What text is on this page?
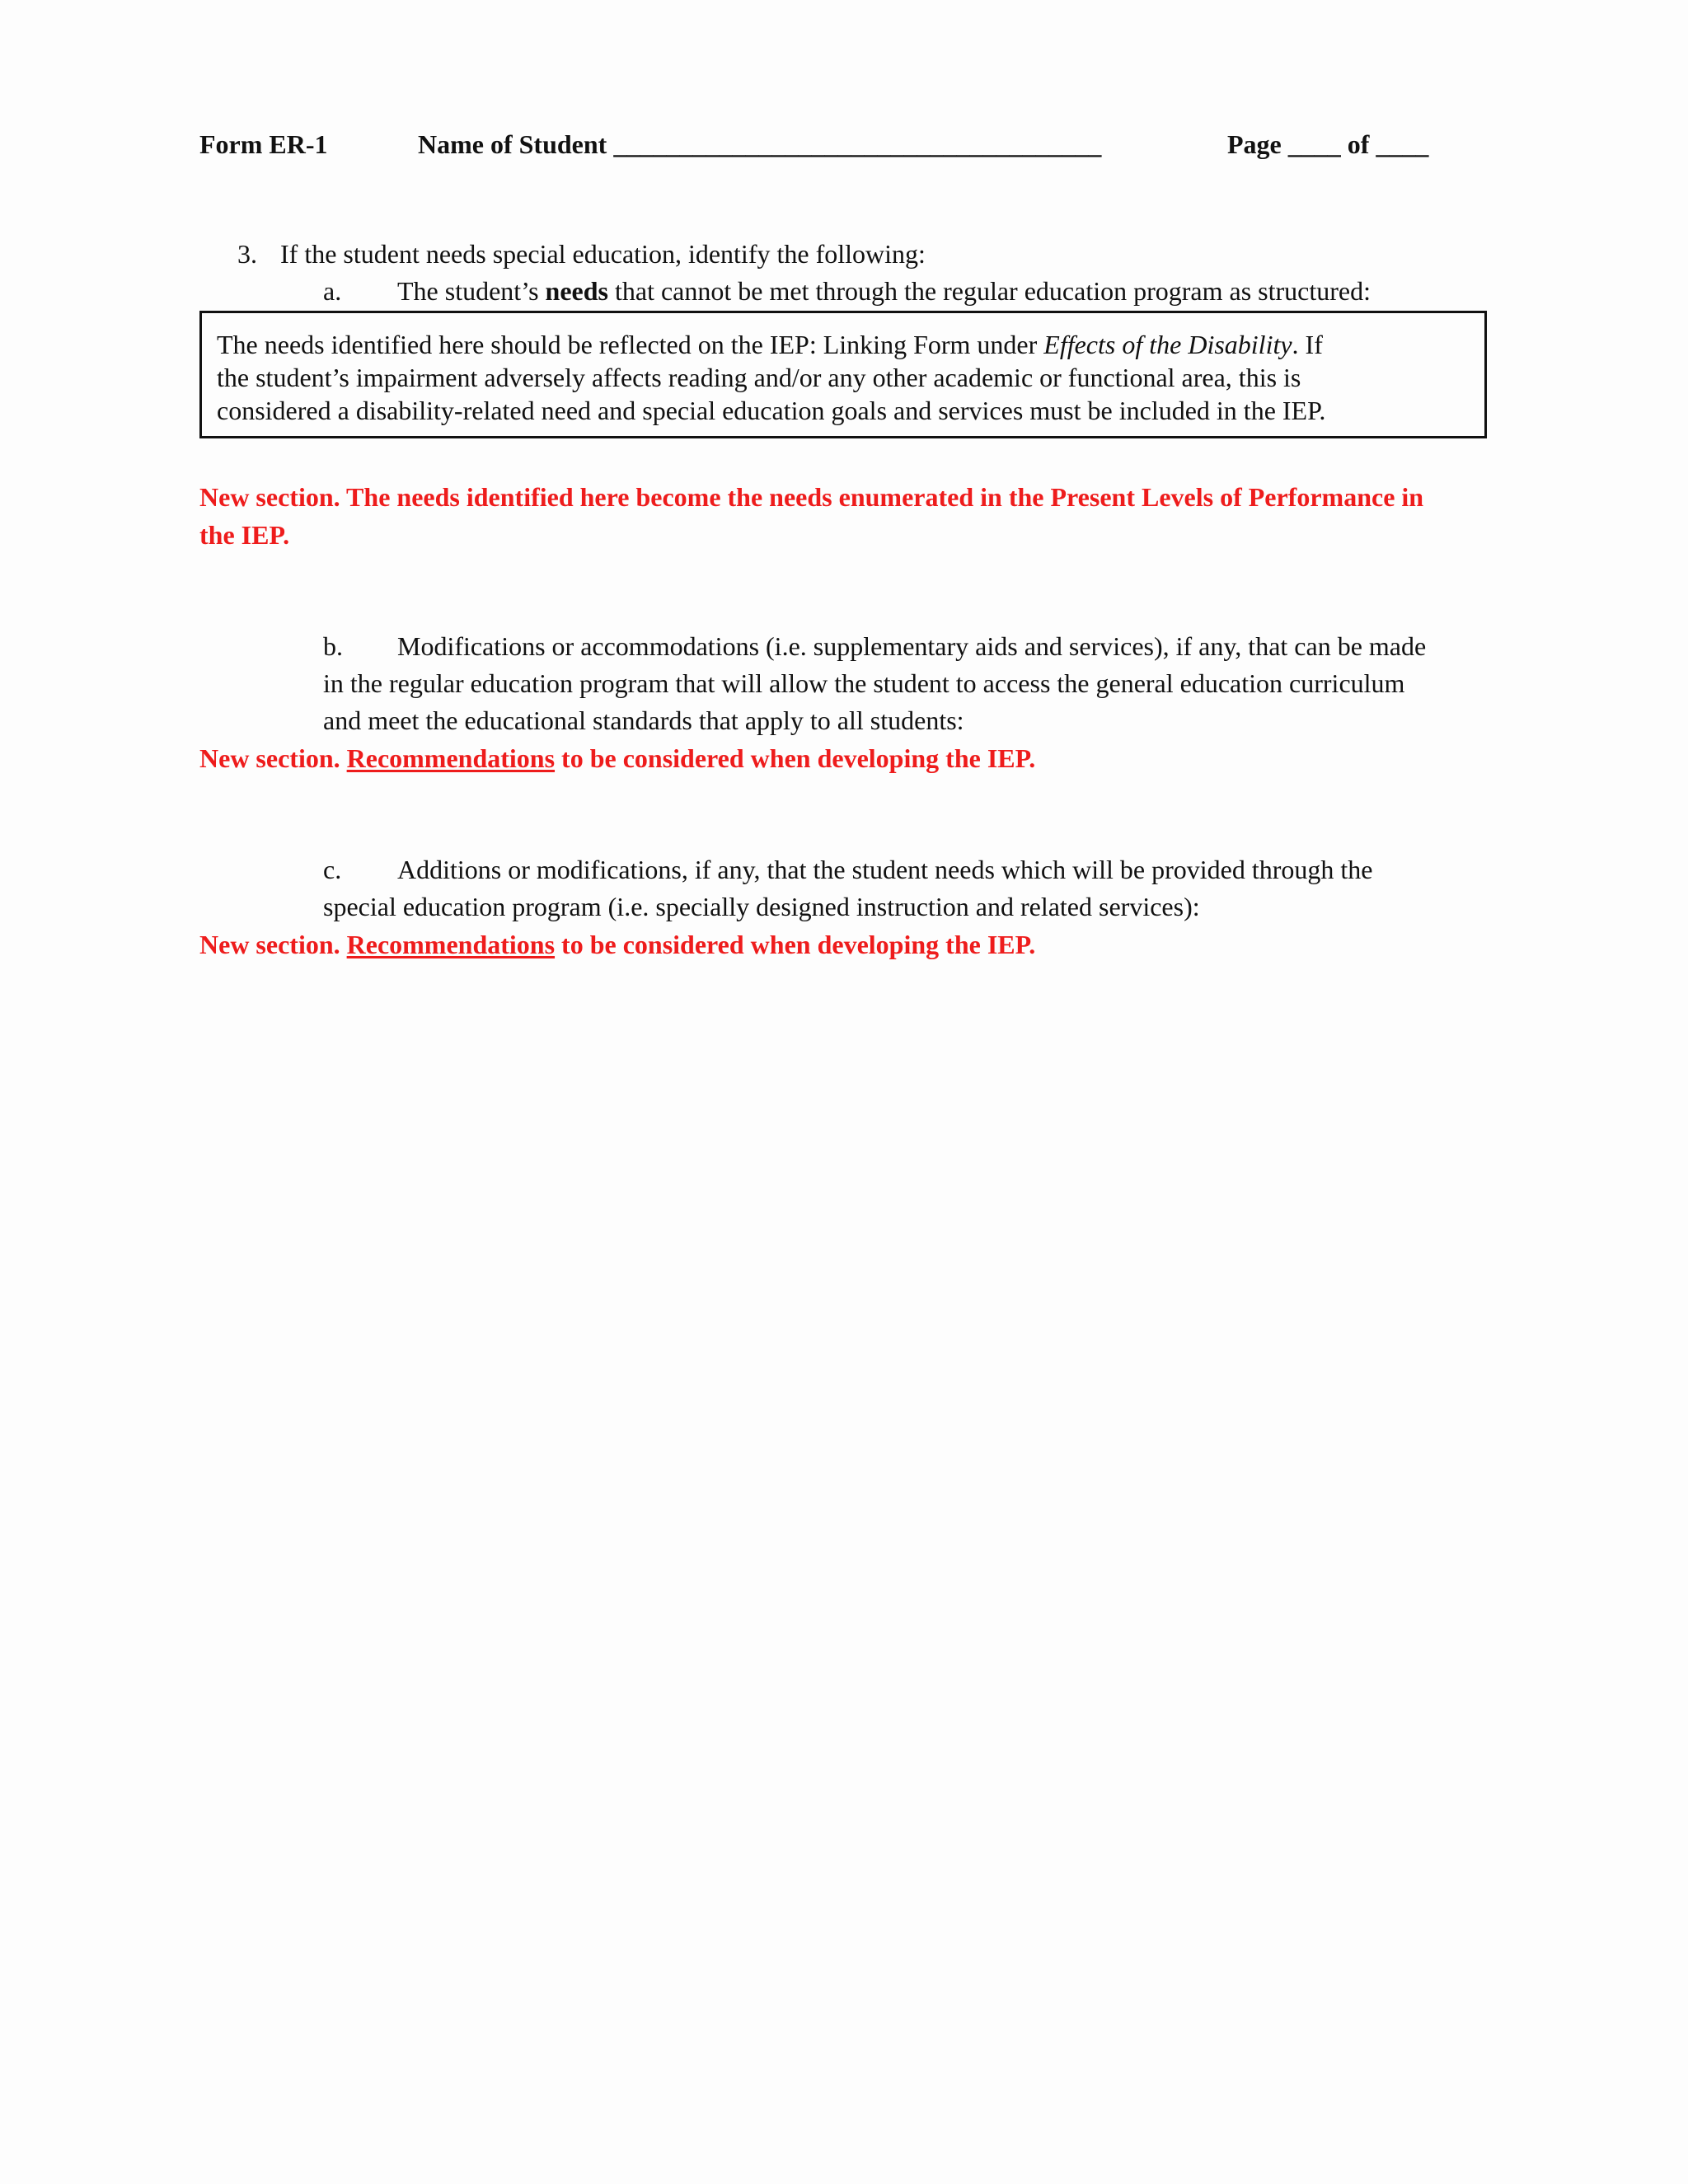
Form ER-1	Name of Student _____________________________________	Page ____ of ____
3. If the student needs special education, identify the following:
a. The student’s needs that cannot be met through the regular education program as structured:
The needs identified here should be reflected on the IEP: Linking Form under Effects of the Disability. If
the student’s impairment adversely affects reading and/or any other academic or functional area, this is
considered a disability-related need and special education goals and services must be included in the IEP.
New section. The needs identified here become the needs enumerated in the Present Levels of Performance in
the IEP.
b. Modifications or accommodations (i.e. supplementary aids and services), if any, that can be made
in the regular education program that will allow the student to access the general education curriculum
and meet the educational standards that apply to all students:
New section. Recommendations to be considered when developing the IEP.
c. Additions or modifications, if any, that the student needs which will be provided through the
special education program (i.e. specially designed instruction and related services):
New section. Recommendations to be considered when developing the IEP.
